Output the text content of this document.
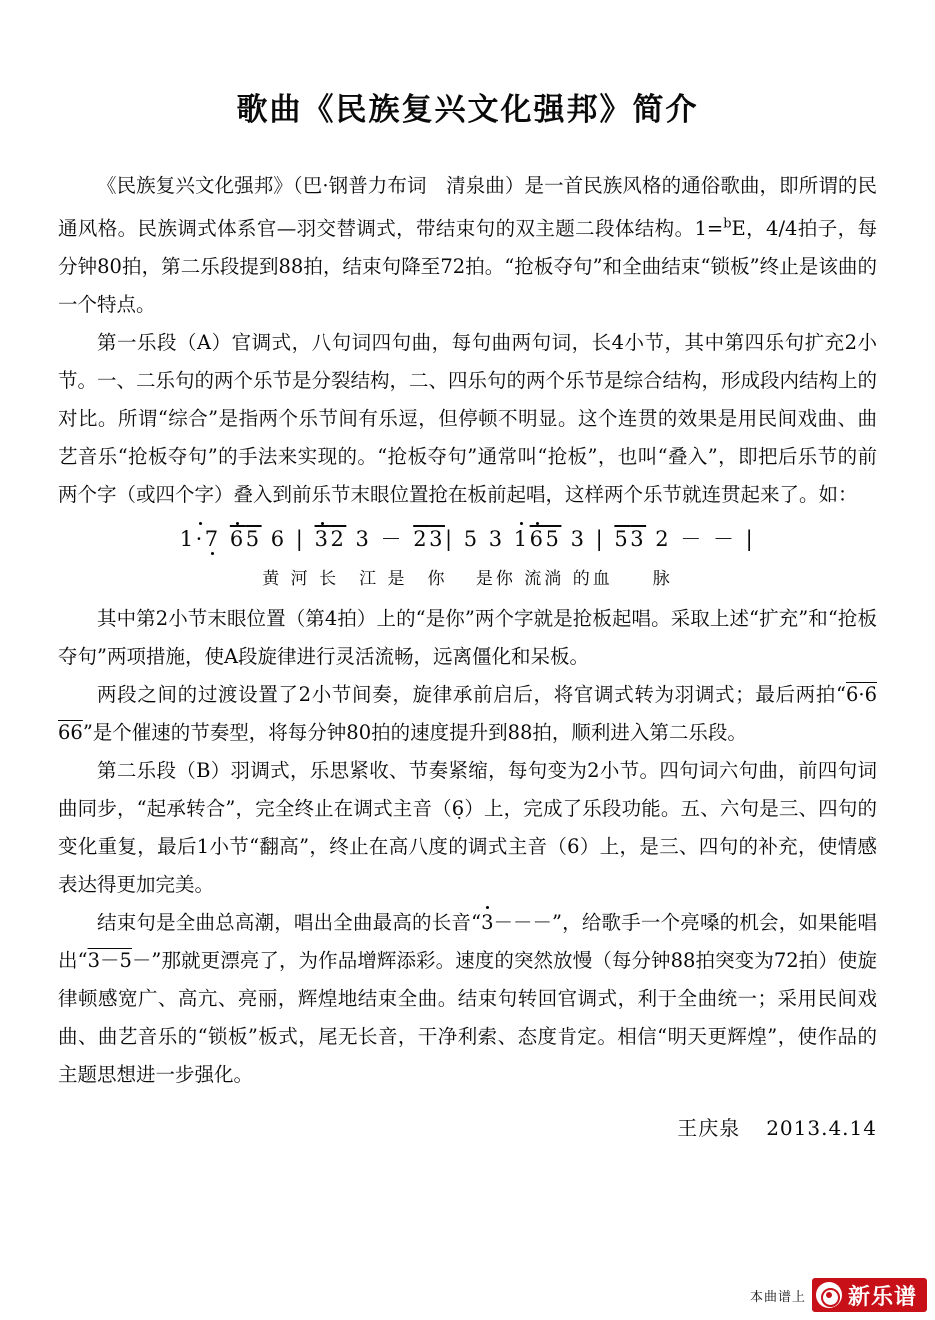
歌曲《民族复兴文化强邦》简介

《民族复兴文化强邦》（巴·钢普力布词　清泉曲）是一首民族风格的通俗歌曲，即所谓的民通风格。民族调式体系官—羽交替调式，带结束句的双主题二段体结构。1=$^b$E，4/4拍子，每分钟80拍，第二乐段提到88拍，结束句降至72拍。“抢板夺句”和全曲结束“锁板”终止是该曲的一个特点。

第一乐段（A）官调式，八句词四句曲，每句曲两句词，长4小节，其中第四乐句扩充2小节。一、二乐句的两个乐节是分裂结构，二、四乐句的两个乐节是综合结构，形成段内结构上的对比。所谓“综合”是指两个乐节间有乐逗，但停顿不明显。这个连贯的效果是用民间戏曲、曲艺音乐“抢板夺句”的手法来实现的。“抢板夺句”通常叫“抢板”，也叫“叠入”，即把后乐节的前两个字（或四个字）叠入到前乐节末眼位置抢在板前起唱，这样两个乐节就连贯起来了。如：

1·7 65 6 | 32 3 － 23| 5 3 165 3 | 53 2 － － |
黄 河 长　江 是　你　 是你 流淌 的血　　脉

其中第2小节末眼位置（第4拍）上的“是你”两个字就是抢板起唱。采取上述“扩充”和“抢板夺句”两项措施，使A段旋律进行灵活流畅，远离僵化和呆板。

两段之间的过渡设置了2小节间奏，旋律承前启后，将官调式转为羽调式；最后两拍“6·6 66”是个催速的节奏型，将每分钟80拍的速度提升到88拍，顺利进入第二乐段。

第二乐段（B）羽调式，乐思紧收、节奏紧缩，每句变为2小节。四句词六句曲，前四句词曲同步，“起承转合”，完全终止在调式主音（6̣）上，完成了乐段功能。五、六句是三、四句的变化重复，最后1小节“翻高”，终止在高八度的调式主音（6）上，是三、四句的补充，使情感表达得更加完美。

结束句是全曲总高潮，唱出全曲最高的长音“3－－－”，给歌手一个亮嗓的机会，如果能唱出“3－5－”那就更漂亮了，为作品增辉添彩。速度的突然放慢（每分钟88拍突变为72拍）使旋律顿感宽广、高亢、亮丽，辉煌地结束全曲。结束句转回官调式，利于全曲统一；采用民间戏曲、曲艺音乐的“锁板”板式，尾无长音，干净利索、态度肯定。相信“明天更辉煌”，使作品的主题思想进一步强化。

王庆泉 2013.4.14
本曲谱上 新乐谱
